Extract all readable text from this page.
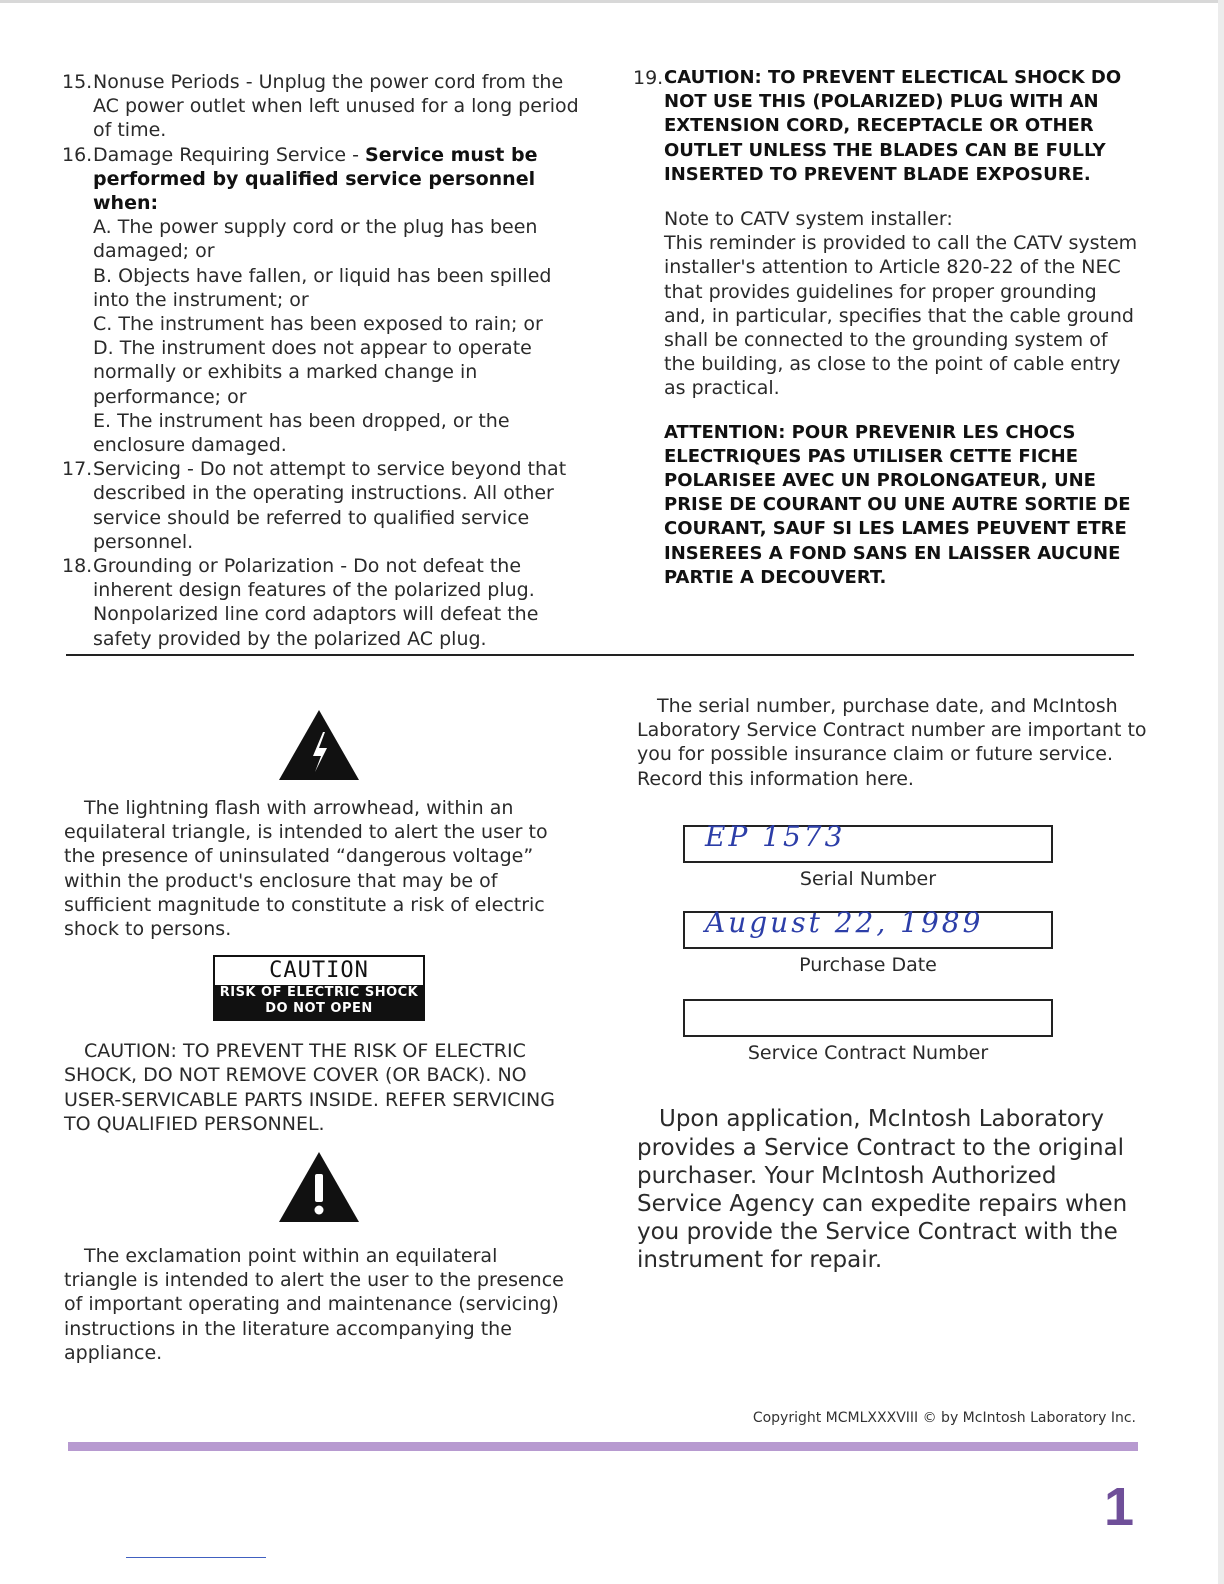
15. Nonuse Periods - Unplug the power cord from the AC power outlet when left unused for a long period of time.
16. Damage Requiring Service - Service must be performed by qualified service personnel when:

A. The power supply cord or the plug has been damaged; or

B. Objects have fallen, or liquid has been spilled into the instrument; or

C. The instrument has been exposed to rain; or

D. The instrument does not appear to operate normally or exhibits a marked change in performance; or

E. The instrument has been dropped, or the enclosure damaged.

17. Servicing - Do not attempt to service beyond that described in the operating instructions. All other service should be referred to qualified service personnel.
18. Grounding or Polarization - Do not defeat the inherent design features of the polarized plug. Nonpolarized line cord adaptors will defeat the safety provided by the polarized AC plug.
19. CAUTION: TO PREVENT ELECTICAL SHOCK DO NOT USE THIS (POLARIZED) PLUG WITH AN EXTENSION CORD, RECEPTACLE OR OTHER OUTLET UNLESS THE BLADES CAN BE FULLY INSERTED TO PREVENT BLADE EXPOSURE.
Note to CATV system installer:
This reminder is provided to call the CATV system installer's attention to Article 820-22 of the NEC that provides guidelines for proper grounding and, in particular, specifies that the cable ground shall be connected to the grounding system of the building, as close to the point of cable entry as practical.
ATTENTION: POUR PREVENIR LES CHOCS ELECTRIQUES PAS UTILISER CETTE FICHE POLARISEE AVEC UN PROLONGATEUR, UNE PRISE DE COURANT OU UNE AUTRE SORTIE DE COURANT, SAUF SI LES LAMES PEUVENT ETRE INSEREES A FOND SANS EN LAISSER AUCUNE PARTIE A DECOUVERT.

The lightning flash with arrowhead, within an equilateral triangle, is intended to alert the user to the presence of uninsulated “dangerous voltage” within the product's enclosure that may be of sufficient magnitude to constitute a risk of electric shock to persons.

CAUTION
RISK OF ELECTRIC SHOCK
DO NOT OPEN

CAUTION: TO PREVENT THE RISK OF ELECTRIC SHOCK, DO NOT REMOVE COVER (OR BACK). NO USER-SERVICABLE PARTS INSIDE. REFER SERVICING TO QUALIFIED PERSONNEL.

The exclamation point within an equilateral triangle is intended to alert the user to the presence of important operating and maintenance (servicing) instructions in the literature accompanying the appliance.

The serial number, purchase date, and McIntosh Laboratory Service Contract number are important to you for possible insurance claim or future service. Record this information here.

EP 1573
Serial Number
August 22, 1989
Purchase Date
Service Contract Number

Upon application, McIntosh Laboratory provides a Service Contract to the original purchaser. Your McIntosh Authorized Service Agency can expedite repairs when you provide the Service Contract with the instrument for repair.

Copyright MCMLXXXVIII © by McIntosh Laboratory Inc.
1
